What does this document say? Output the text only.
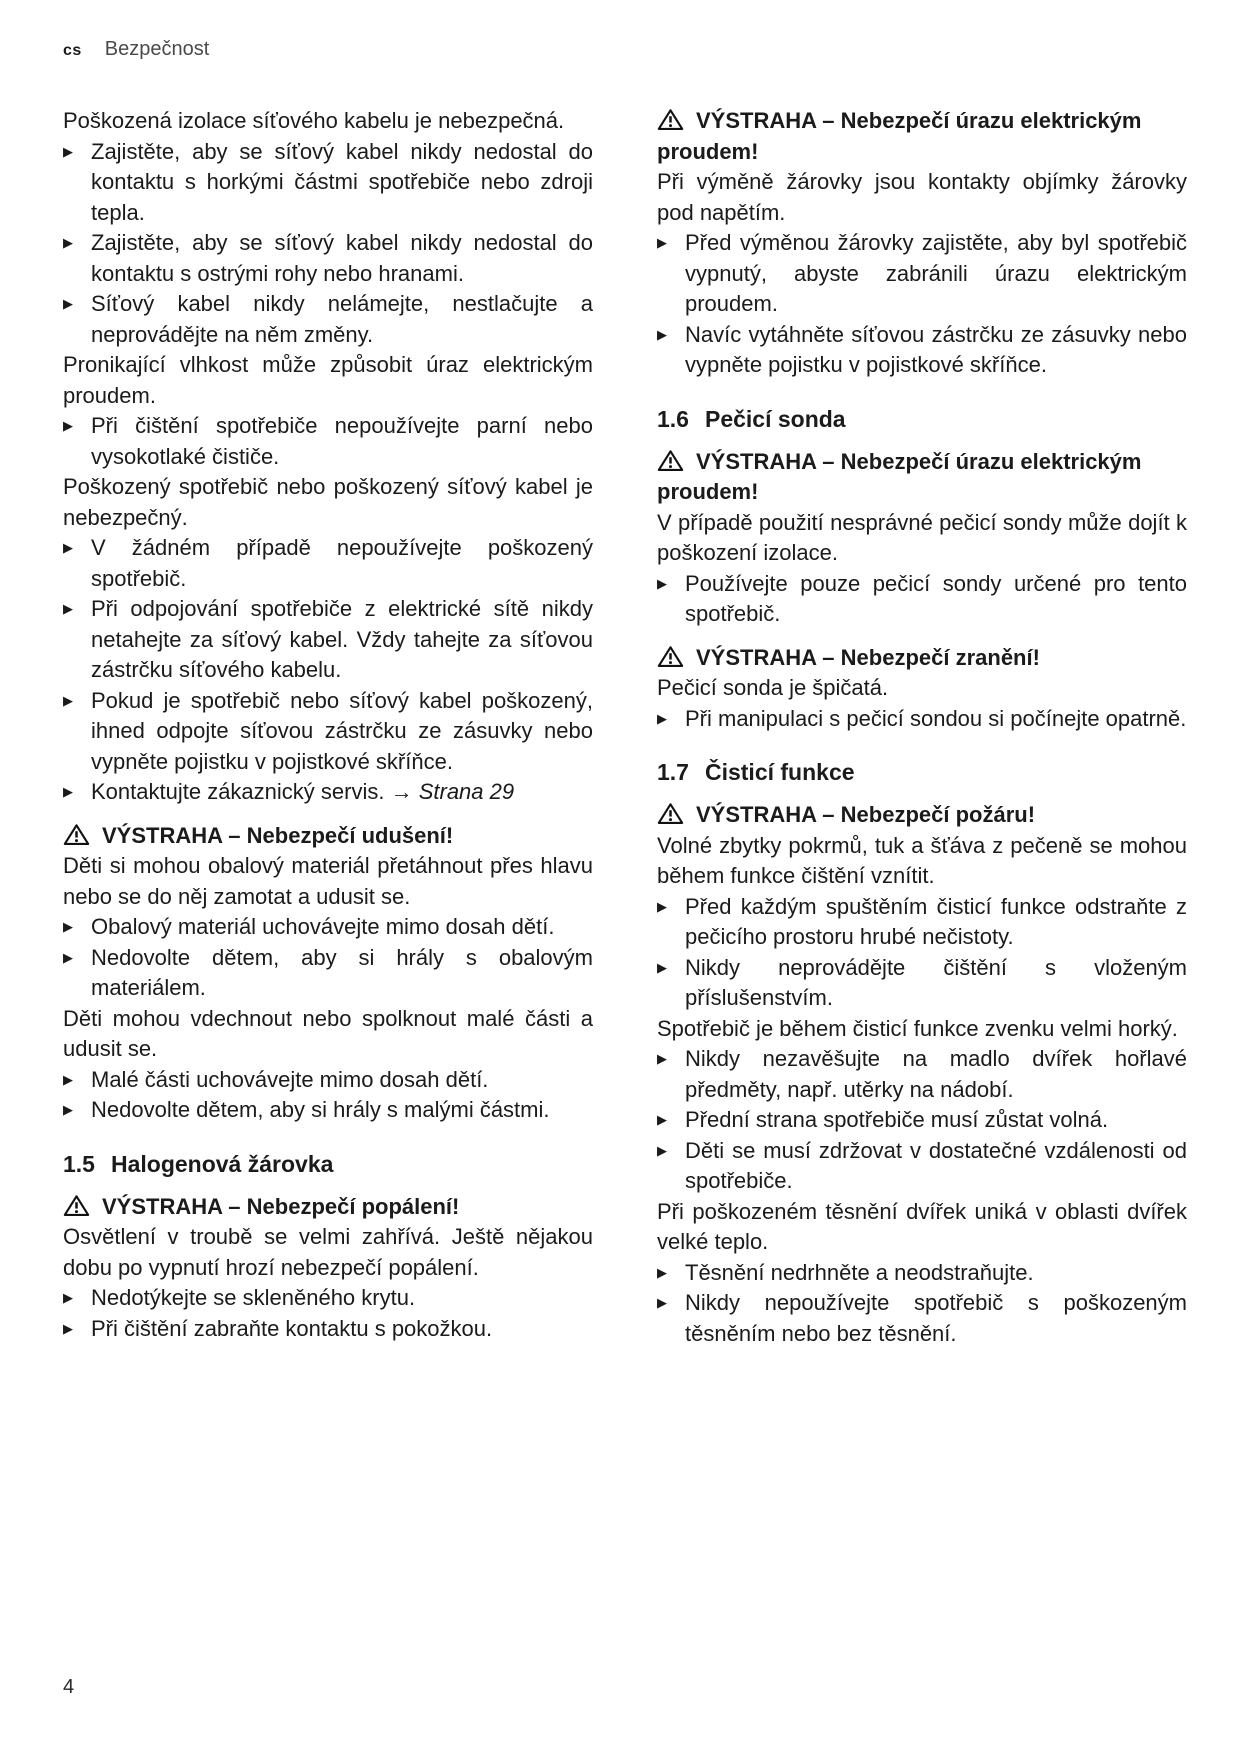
cs Bezpečnost

Poškozená izolace síťového kabelu je nebezpečná.

▶ Zajistěte, aby se síťový kabel nikdy nedostal do kontaktu s horkými částmi spotřebiče nebo zdroji tepla.
▶ Zajistěte, aby se síťový kabel nikdy nedostal do kontaktu s ostrými rohy nebo hranami.
▶ Síťový kabel nikdy nelámejte, nestlačujte a neprovádějte na něm změny.

Pronikající vlhkost může způsobit úraz elektrickým proudem.

▶ Při čištění spotřebiče nepoužívejte parní nebo vysokotlaké čističe.

Poškozený spotřebič nebo poškozený síťový kabel je nebezpečný.

▶ V žádném případě nepoužívejte poškozený spotřebič.
▶ Při odpojování spotřebiče z elektrické sítě nikdy netahejte za síťový kabel. Vždy tahejte za síťovou zástrčku síťového kabelu.
▶ Pokud je spotřebič nebo síťový kabel poškozený, ihned odpojte síťovou zástrčku ze zásuvky nebo vypněte pojistku v pojistkové skříňce.
▶ Kontaktujte zákaznický servis. → Strana 29

VÝSTRAHA – Nebezpečí udušení!

Děti si mohou obalový materiál přetáhnout přes hlavu nebo se do něj zamotat a udusit se.

▶ Obalový materiál uchovávejte mimo dosah dětí.
▶ Nedovolte dětem, aby si hrály s obalovým materiálem.

Děti mohou vdechnout nebo spolknout malé části a udusit se.

▶ Malé části uchovávejte mimo dosah dětí.
▶ Nedovolte dětem, aby si hrály s malými částmi.
1.5 Halogenová žárovka

VÝSTRAHA – Nebezpečí popálení!

Osvětlení v troubě se velmi zahřívá. Ještě nějakou dobu po vypnutí hrozí nebezpečí popálení.

▶ Nedotýkejte se skleněného krytu.
▶ Při čištění zabraňte kontaktu s pokožkou.

VÝSTRAHA – Nebezpečí úrazu elektrickým proudem!

Při výměně žárovky jsou kontakty objímky žárovky pod napětím.

▶ Před výměnou žárovky zajistěte, aby byl spotřebič vypnutý, abyste zabránili úrazu elektrickým proudem.
▶ Navíc vytáhněte síťovou zástrčku ze zásuvky nebo vypněte pojistku v pojistkové skříňce.
1.6 Pečicí sonda

VÝSTRAHA – Nebezpečí úrazu elektrickým proudem!

V případě použití nesprávné pečicí sondy může dojít k poškození izolace.

▶ Používejte pouze pečicí sondy určené pro tento spotřebič.

VÝSTRAHA – Nebezpečí zranění!

Pečicí sonda je špičatá.

▶ Při manipulaci s pečicí sondou si počínejte opatrně.
1.7 Čisticí funkce

VÝSTRAHA – Nebezpečí požáru!

Volné zbytky pokrmů, tuk a šťáva z pečeně se mohou během funkce čištění vznítit.

▶ Před každým spuštěním čisticí funkce odstraňte z pečicího prostoru hrubé nečistoty.
▶ Nikdy neprovádějte čištění s vloženým příslušenstvím.

Spotřebič je během čisticí funkce zvenku velmi horký.

▶ Nikdy nezavěšujte na madlo dvířek hořlavé předměty, např. utěrky na nádobí.
▶ Přední strana spotřebiče musí zůstat volná.
▶ Děti se musí zdržovat v dostatečné vzdálenosti od spotřebiče.

Při poškozeném těsnění dvířek uniká v oblasti dvířek velké teplo.

▶ Těsnění nedrhněte a neodstraňujte.
▶ Nikdy nepoužívejte spotřebič s poškozeným těsněním nebo bez těsnění.
4
